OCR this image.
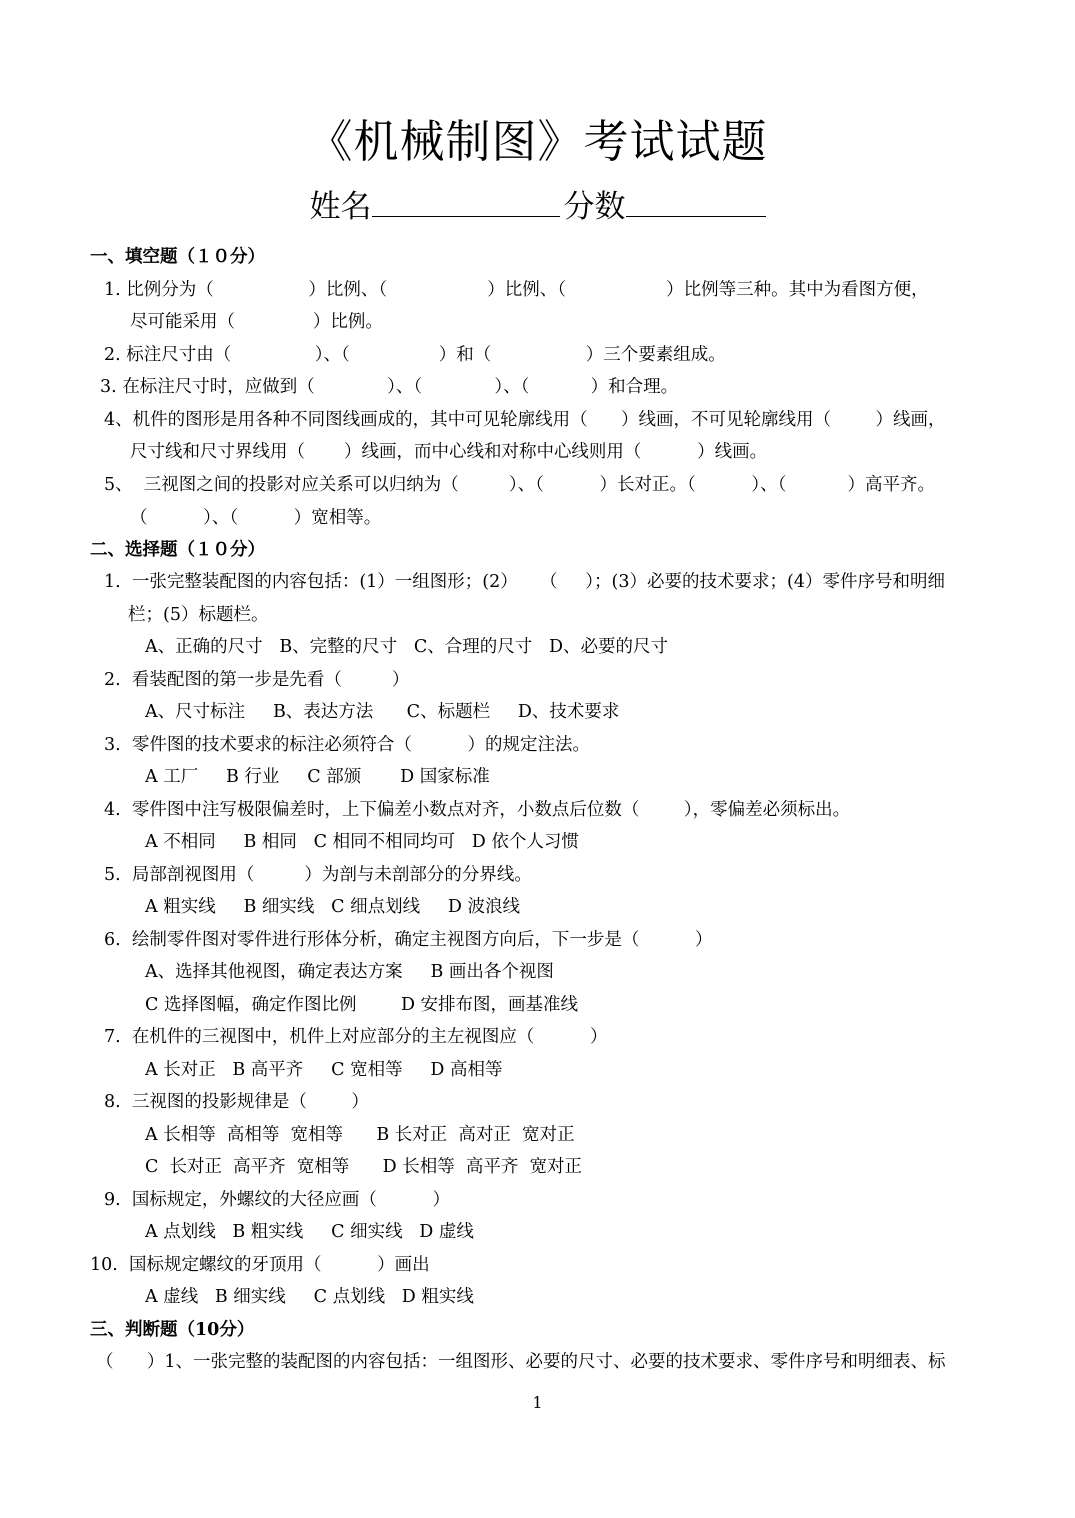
《机械制图》考试试题
姓名	分数
一、填空题（１０分）
1. 比例分为（                 ）比例、（                  ）比例、（                  ）比例等三种。其中为看图方便，
尽可能采用（              ）比例。
2. 标注尺寸由（               ）、（                ）和（                 ）三个要素组成。
3. 在标注尺寸时，应做到（             ）、（             ）、（           ）和合理。
4、机件的图形是用各种不同图线画成的，其中可见轮廓线用（      ）线画，不可见轮廓线用（        ）线画，
尺寸线和尺寸界线用（       ）线画，而中心线和对称中心线则用（          ）线画。
5、  三视图之间的投影对应关系可以归纳为（         ）、（          ）长对正。（          ）、（           ）高平齐。
（          ）、（          ）宽相等。
二、选择题（１０分）
1.  一张完整装配图的内容包括：(1）一组图形；(2）    （     ）；(3）必要的技术要求；(4）零件序号和明细
栏；(5）标题栏。
A、正确的尺寸   B、完整的尺寸   C、合理的尺寸   D、必要的尺寸
2.  看装配图的第一步是先看（         ）
A、尺寸标注     B、表达方法      C、标题栏     D、技术要求
3.  零件图的技术要求的标注必须符合（          ）的规定注法。
A 工厂     B 行业     C 部颁       D 国家标准
4.  零件图中注写极限偏差时，上下偏差小数点对齐，小数点后位数（        ），零偏差必须标出。
A 不相同     B 相同   C 相同不相同均可   D 依个人习惯
5.  局部剖视图用（         ）为剖与未剖部分的分界线。
A 粗实线     B 细实线   C 细点划线     D 波浪线
6.  绘制零件图对零件进行形体分析，确定主视图方向后，下一步是（          ）
A、选择其他视图，确定表达方案     B 画出各个视图
C 选择图幅，确定作图比例        D 安排布图，画基准线
7.  在机件的三视图中，机件上对应部分的主左视图应（          ）
A 长对正   B 高平齐     C 宽相等     D 高相等
8.  三视图的投影规律是（        ）
A 长相等  高相等  宽相等      B 长对正  高对正  宽对正
C  长对正  高平齐  宽相等      D 长相等  高平齐  宽对正
9.  国标规定，外螺纹的大径应画（          ）
A 点划线   B 粗实线     C 细实线   D 虚线
10.  国标规定螺纹的牙顶用（          ）画出
A 虚线   B 细实线     C 点划线   D 粗实线
三、判断题（10分）
（      ）1、一张完整的装配图的内容包括：一组图形、必要的尺寸、必要的技术要求、零件序号和明细表、标
1
